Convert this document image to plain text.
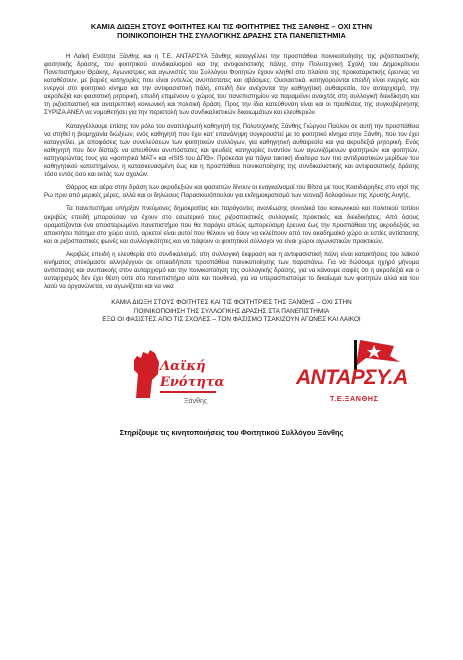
ΚΑΜΙΑ ΔΙΩΞΗ ΣΤΟΥΣ ΦΟΙΤΗΤΕΣ ΚΑΙ ΤΙΣ ΦΟΙΤΗΤΡΙΕΣ ΤΗΣ ΞΑΝΘΗΣ – ΟΧΙ ΣΤΗΝ
ΠΟΙΝΙΚΟΠΟΙΗΣΗ ΤΗΣ ΣΥΛΛΟΓΙΚΗΣ ΔΡΑΣΗΣ ΣΤΑ ΠΑΝΕΠΙΣΤΗΜΙΑ

Η Λαϊκή Ενότητα Ξάνθης και η Τ.Ε. ΑΝΤΑΡΣΥΑ Ξάνθης καταγγέλλει την προσπάθεια ποινικοποίησης της ριζοσπαστικής φοιτητικής δράσης, του φοιτητικού συνδικαλισμού και της αντιφασιστικής πάλης στην Πολυτεχνική Σχολή του Δημοκρίτειου Πανεπιστήμιου Θράκης. Αγωνιστριες και αγωνιστές του Συλλόγου Φοιτητών έχουν κληθεί στο πλαίσιο της προκαταρκτικής έρευνας να καταθέσουν, με βαριές κατηγορίες που είναι εντελώς ανυπόστατες και αβάσιμες. Ουσιαστικά, κατηγορούνται επειδή είναι ενεργές και ενεργοί στο φοιτητικό κίνημα και την αντιφασιστική πάλη, επειδή δεν ανέχονται την καθηγητική αυθαιρεσία, τον αυταρχισμό, την ακροδεξιά και φασιστική ρητορική, επειδή επιμένουν ο χώρος του πανεπιστημίου να παραμείνει ανοιχτός στη συλλογική διεκδίκηση και τη ριζοσπαστική και ανατρεπτική κοινωνική και πολιτική δράση. Προς την ίδια κατεύθυνση είναι και οι προθέσεις της συγκυβέρνησης ΣΥΡΙΖΑ ΑΝΕΛ να νομοθετήσει για την περιστολή των συνδικαλιστικών δικαιωμάτων και ελευθεριών.

Καταγγέλλουμε επίσης τον ρόλο του αναπληρωτή καθηγητή της Πολυτεχνικής Ξάνθης Γιώργου Παύλου σε αυτή την προσπάθεια να στηθεί η βιομηχανία διώξεων, ενός καθηγητή που έχει κατ' επανάληψη συγκρουστεί με το φοιτητικό κίνημα στην Ξάνθη, που τον έχει καταγγείλει, με αποφάσεις των συνελεύσεων των φοιτητικών συλλόγων, για καθηγητική αυθαιρεσία και για ακροδεξιά ρητορική. Ενός καθηγητή που δεν δίσταζε να απευθύνει ανυπόστατες και ψευδείς κατηγορίες εναντίον των αγωνιζόμενων φοιτητριών και φοιτητών, κατηγορώντας τους για «φοιτητικά ΜΑΤ» και «ISIS του ΔΠΘ». Πρόκειται για πάγια τακτική ιδιαίτερα των πιο αντιδραστικών μερίδων του καθηγητικού κατεστημένου, η κατασκευασμένη έως και η προσπάθεια ποινικοποίησης της συνδικαλιστικής και αντιφασιστικής δράσης τόσο εντός όσο και εκτός των σχολών.

Θάρρος και αέρα στην δράση των ακροδεξιών και φασιστών δίνουν οι εναγκαλισμοί του Βίτσα με τους Κασιδιάρηδες στο νησί της Ρω πριν από μερικές μέρες, αλλά και οι δηλώσεις Παρασκευόπουλου για εκδημοκρατισμό των νεοναζί δολοφόνων της Χρυσής Αυγής.

Τα πανεπιστήμια υπήρξαν πνεύμονες δημοκρατίας και παράγοντες ανανέωσης συνολικά του κοινωνικού και πολιτικού τοπίου ακριβώς επειδή μπορούσαν να έχουν στο εσωτερικό τους ριζοσπαστικές συλλογικές πρακτικές και διεκδικήσεις. Από όσους οραματίζονται ένα αποστειρωμένο πανεπιστήμιο που θα παράγει απλώς εμπορεύσιμη έρευνα έως την προσπάθεια της ακροδεξιάς να αποκτήσει πάτημα στο χώρο αυτό, αρκετοί είναι αυτοί που θέλουν να δουν να εκλείπουν από τον ακαδημαϊκό χώρο οι εστίες αντίστασης και οι ριζοσπαστικές φωνές και συλλογικότητες και να πάψουν οι φοιτητικοί σύλλογοι να είναι χώροι αγωνιστικών πρακτικών.

Ακριβώς επειδή η ελευθερία στο συνδικαλισμό, στη συλλογική έκφραση και η αντιφασιστική πάλη είναι κατακτήσεις του λαϊκού κινήματος στεκόμαστε αλληλέγγυοι σε οποιαδήποτε προσπάθεια ποινικοποίησης των παραπάνω. Για να δώσουμε ηχηρό μήνυμα αντίστασης και ανυπακοής στον αυταρχισμό και την ποινικοποίηση της συλλογικής δράσης, για να κάνουμε σαφές ότι η ακροδεξιά και ο αυταρχισμός δεν έχει θέση ούτε στο πανεπιστήμιο ούτε και πουθενά, για να υπερασπιστούμε το δικαίωμα των φοιτητών αλλά και του λαού να οργανώνεται, να αγωνίζεται και να νικά

ΚΑΜΙΑ ΔΙΩΞΗ ΣΤΟΥΣ ΦΟΙΤΗΤΕΣ ΚΑΙ ΤΙΣ ΦΟΙΤΗΤΡΙΕΣ ΤΗΣ ΞΑΝΘΗΣ – ΟΧΙ ΣΤΗΝ
ΠΟΙΝΙΚΟΠΟΙΗΣΗ ΤΗΣ ΣΥΛΛΟΓΙΚΗΣ ΔΡΑΣΗΣ ΣΤΑ ΠΑΝΕΠΙΣΤΗΜΙΑ
ΕΞΩ ΟΙ ΦΑΣΙΣΤΕΣ ΑΠΟ ΤΙΣ ΣΧΟΛΕΣ – ΤΟΝ ΦΑΣΙΣΜΟ ΤΣΑΚΙΖΟΥΝ ΑΓΩΝΕΣ ΚΑΙ ΛΑΙΚΟΙ
Λαϊκή
Ενότητα
Ξάνθης
ΑΝΤΑΡΣΥ.Α
Τ.Ε.ΞΑΝΘΗΣ
Στηρίζουμε τις κινητοποιήσεις του Φοιτητικού Συλλόγου Ξάνθης
